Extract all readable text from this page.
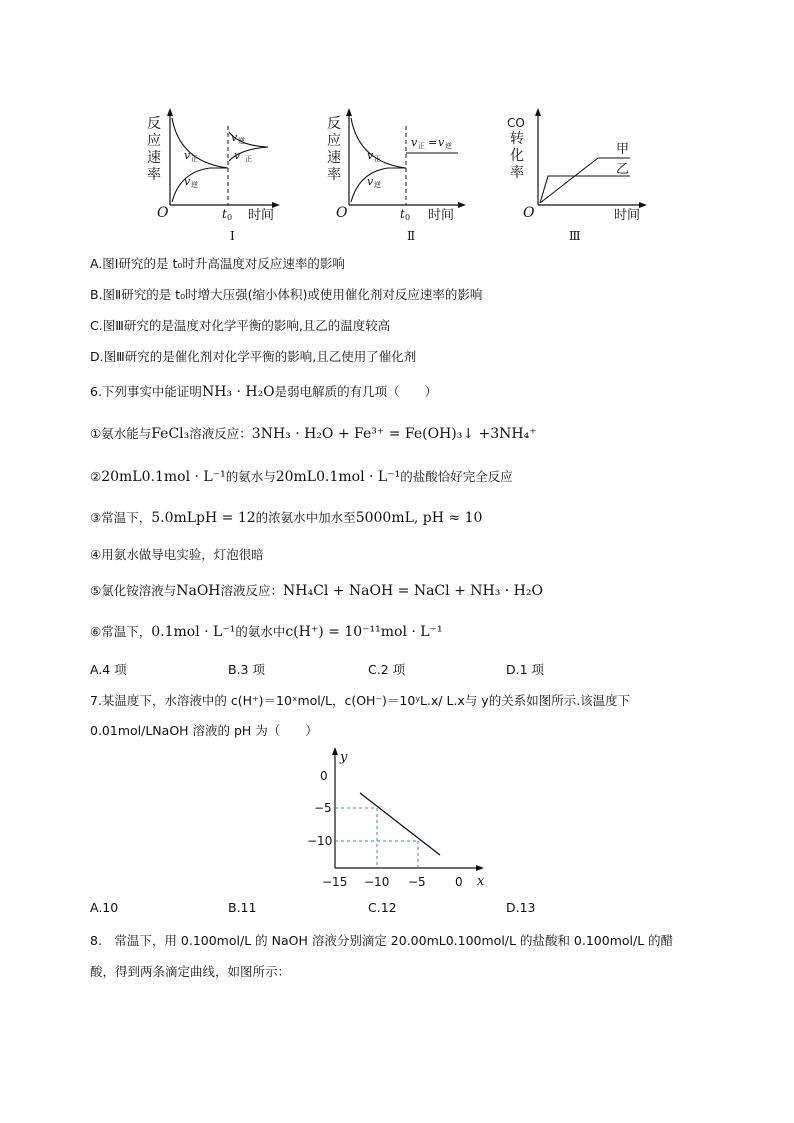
反
应
速
率
v 正
v 逆
v 逆
v 正
O	t 0 时间
Ⅰ
反
应
速
率
v 正
v 逆
v 正 = v 逆
O	t 0 时间
Ⅱ
CO
转
化
率
甲
乙
O	时间
Ⅲ
A.图Ⅰ研究的是 t₀时升高温度对反应速率的影响
B.图Ⅱ研究的是 t₀时增大压强(缩小体积)或使用催化剂对反应速率的影响
C.图Ⅲ研究的是温度对化学平衡的影响,且乙的温度较高
D.图Ⅲ研究的是催化剂对化学平衡的影响,且乙使用了催化剂
6.下列事实中能证明NH₃ · H₂O是弱电解质的有几项（　　）
①氨水能与FeCl₃溶液反应：3NH₃ · H₂O + Fe³⁺ = Fe(OH)₃↓ +3NH₄⁺
②20mL0.1mol · L⁻¹的氨水与20mL0.1mol · L⁻¹的盐酸恰好完全反应
③常温下，5.0mLpH = 12的浓氨水中加水至5000mL, pH ≈ 10
④用氨水做导电实验，灯泡很暗
⑤氯化铵溶液与NaOH溶液反应：NH₄Cl + NaOH = NaCl + NH₃ · H₂O
⑥常温下，0.1mol · L⁻¹的氨水中c(H⁺) = 10⁻¹¹mol · L⁻¹
A.4 项	B.3 项	C.2 项	D.1 项
7.某温度下，水溶液中的 c(H⁺)＝10ˣmol/L，c(OH⁻)＝10ʸL.x/ L.x与 y的关系如图所示.该温度下
0.01mol/LNaOH 溶液的 pH 为（　　）
y
x
0
−5
−10
−15 −10 −5 0
A.10	B.11	C.12	D.13
8.　常温下，用 0.100mol/L 的 NaOH 溶液分别滴定 20.00mL0.100mol/L 的盐酸和 0.100mol/L 的醋
酸，得到两条滴定曲线，如图所示：
